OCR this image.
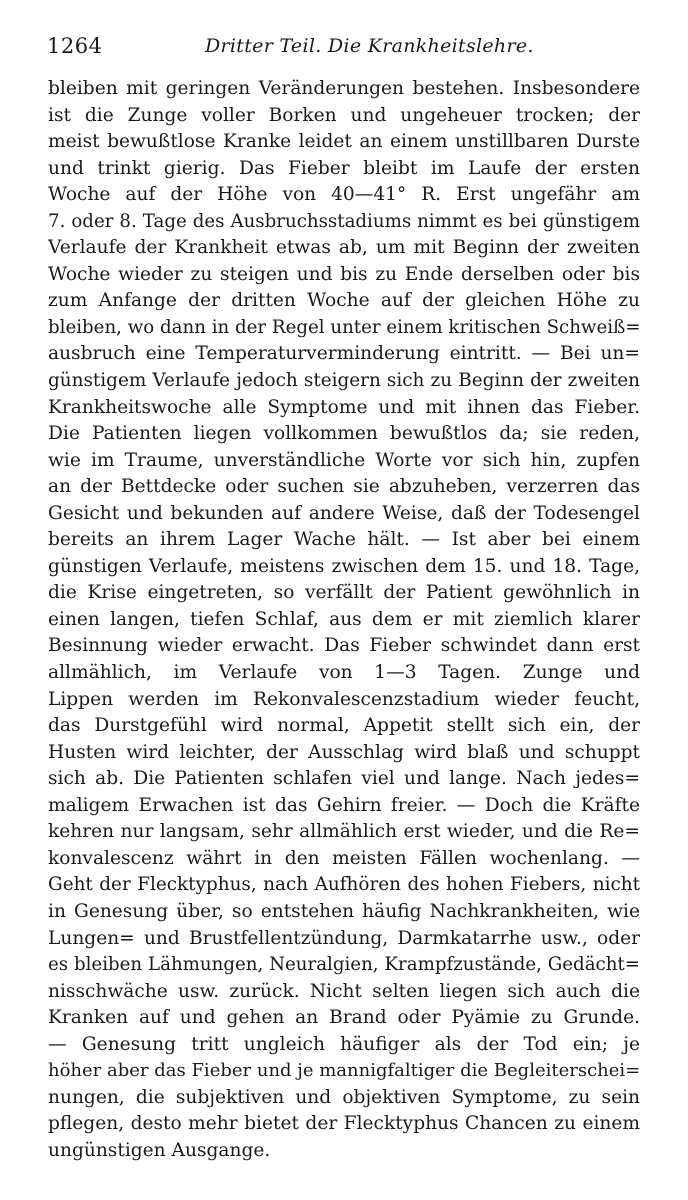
1264	Dritter Teil. Die Krankheitslehre.
bleiben mit geringen Veränderungen bestehen. Insbesondere
ist die Zunge voller Borken und ungeheuer trocken; der
meist bewußtlose Kranke leidet an einem unstillbaren Durste
und trinkt gierig. Das Fieber bleibt im Laufe der ersten
Woche auf der Höhe von 40—41° R. Erst ungefähr am
7. oder 8. Tage des Ausbruchsstadiums nimmt es bei günstigem
Verlaufe der Krankheit etwas ab, um mit Beginn der zweiten
Woche wieder zu steigen und bis zu Ende derselben oder bis
zum Anfange der dritten Woche auf der gleichen Höhe zu
bleiben, wo dann in der Regel unter einem kritischen Schweiß=
ausbruch eine Temperaturverminderung eintritt. — Bei un=
günstigem Verlaufe jedoch steigern sich zu Beginn der zweiten
Krankheitswoche alle Symptome und mit ihnen das Fieber.
Die Patienten liegen vollkommen bewußtlos da; sie reden,
wie im Traume, unverständliche Worte vor sich hin, zupfen
an der Bettdecke oder suchen sie abzuheben, verzerren das
Gesicht und bekunden auf andere Weise, daß der Todesengel
bereits an ihrem Lager Wache hält. — Ist aber bei einem
günstigen Verlaufe, meistens zwischen dem 15. und 18. Tage,
die Krise eingetreten, so verfällt der Patient gewöhnlich in
einen langen, tiefen Schlaf, aus dem er mit ziemlich klarer
Besinnung wieder erwacht. Das Fieber schwindet dann erst
allmählich, im Verlaufe von 1—3 Tagen. Zunge und
Lippen werden im Rekonvalescenzstadium wieder feucht,
das Durstgefühl wird normal, Appetit stellt sich ein, der
Husten wird leichter, der Ausschlag wird blaß und schuppt
sich ab. Die Patienten schlafen viel und lange. Nach jedes=
maligem Erwachen ist das Gehirn freier. — Doch die Kräfte
kehren nur langsam, sehr allmählich erst wieder, und die Re=
konvalescenz währt in den meisten Fällen wochenlang. —
Geht der Flecktyphus, nach Aufhören des hohen Fiebers, nicht
in Genesung über, so entstehen häufig Nachkrankheiten, wie
Lungen= und Brustfellentzündung, Darmkatarrhe usw., oder
es bleiben Lähmungen, Neuralgien, Krampfzustände, Gedächt=
nisschwäche usw. zurück. Nicht selten liegen sich auch die
Kranken auf und gehen an Brand oder Pyämie zu Grunde.
— Genesung tritt ungleich häufiger als der Tod ein; je
höher aber das Fieber und je mannigfaltiger die Begleiterschei=
nungen, die subjektiven und objektiven Symptome, zu sein
pflegen, desto mehr bietet der Flecktyphus Chancen zu einem
ungünstigen Ausgange.
